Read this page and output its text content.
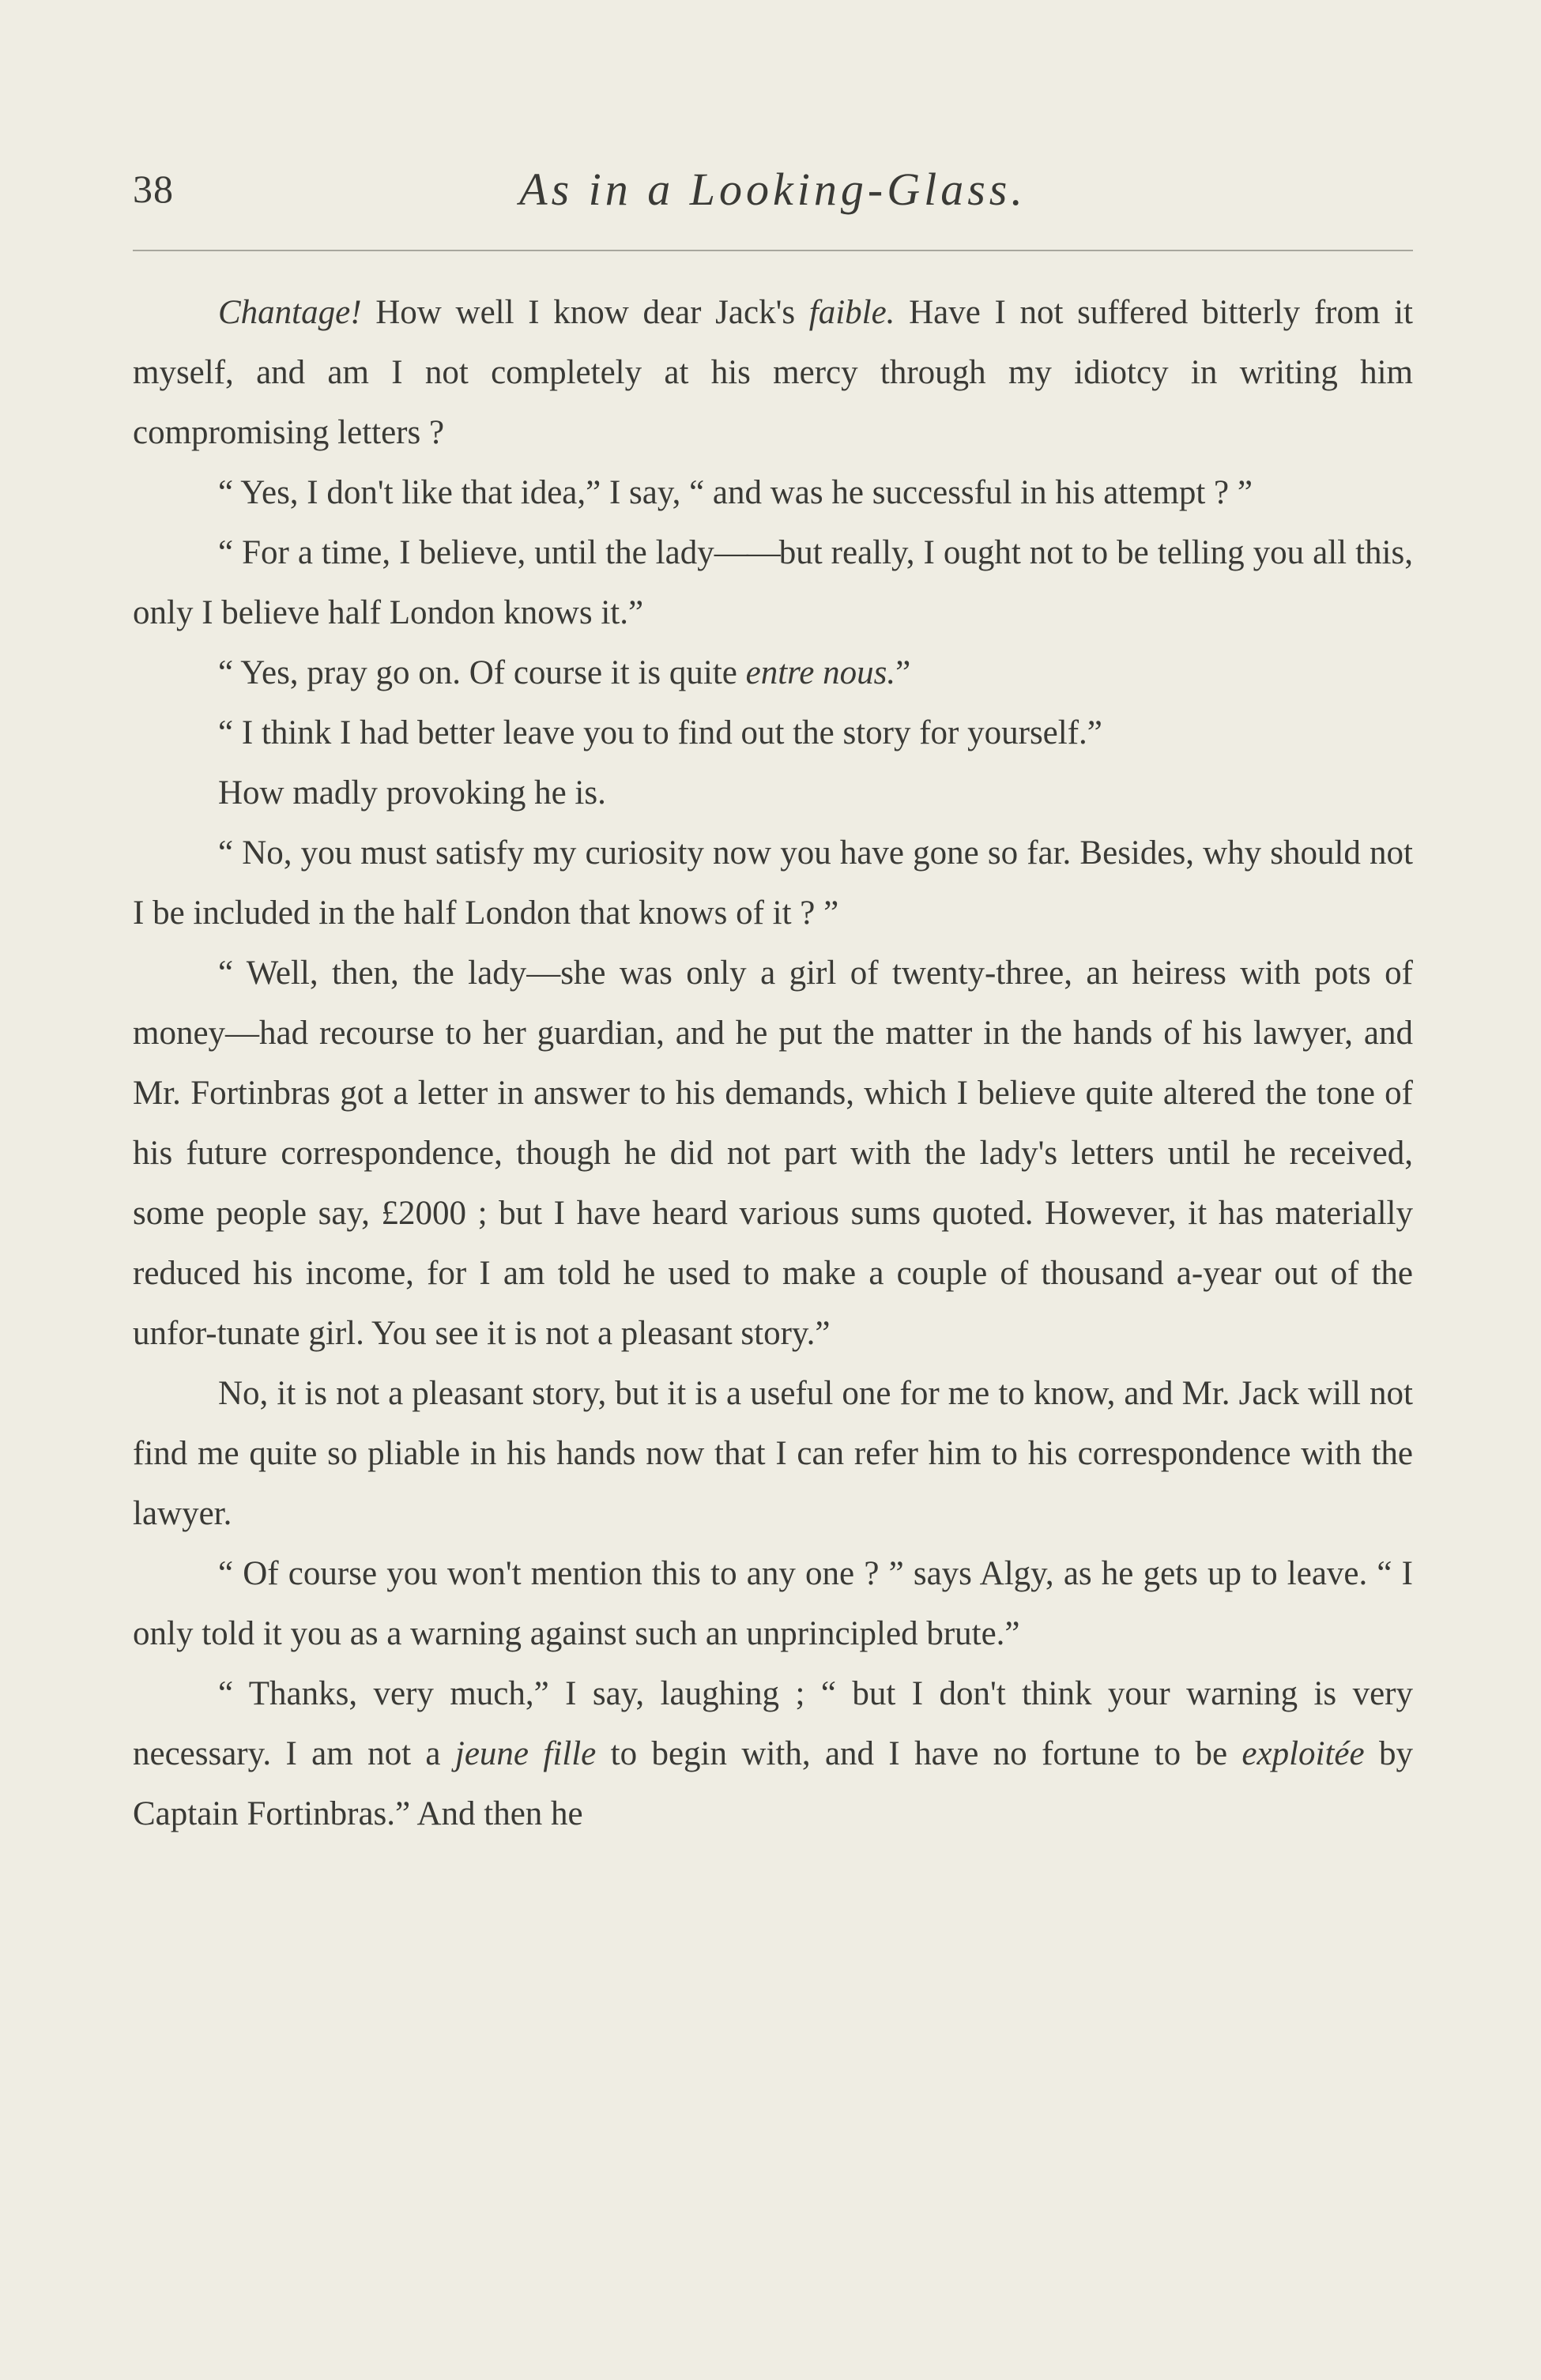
38	As in a Looking-Glass.

Chantage! How well I know dear Jack's faible. Have I not suffered bitterly from it myself, and am I not completely at his mercy through my idiotcy in writing him compromising letters ?

“ Yes, I don't like that idea,” I say, “ and was he successful in his attempt ? ”

“ For a time, I believe, until the lady——but really, I ought not to be telling you all this, only I believe half London knows it.”

“ Yes, pray go on. Of course it is quite entre nous.”

“ I think I had better leave you to find out the story for yourself.”

How madly provoking he is.

“ No, you must satisfy my curiosity now you have gone so far. Besides, why should not I be included in the half London that knows of it ? ”

“ Well, then, the lady—she was only a girl of twenty-three, an heiress with pots of money—had recourse to her guardian, and he put the matter in the hands of his lawyer, and Mr. Fortinbras got a letter in answer to his demands, which I believe quite altered the tone of his future correspondence, though he did not part with the lady's letters until he received, some people say, £2000 ; but I have heard various sums quoted. However, it has materially reduced his income, for I am told he used to make a couple of thousand a-year out of the unfor-tunate girl. You see it is not a pleasant story.”

No, it is not a pleasant story, but it is a useful one for me to know, and Mr. Jack will not find me quite so pliable in his hands now that I can refer him to his correspondence with the lawyer.

“ Of course you won't mention this to any one ? ” says Algy, as he gets up to leave. “ I only told it you as a warning against such an unprincipled brute.”

“ Thanks, very much,” I say, laughing ; “ but I don't think your warning is very necessary. I am not a jeune fille to begin with, and I have no fortune to be exploitée by Captain Fortinbras.” And then he
